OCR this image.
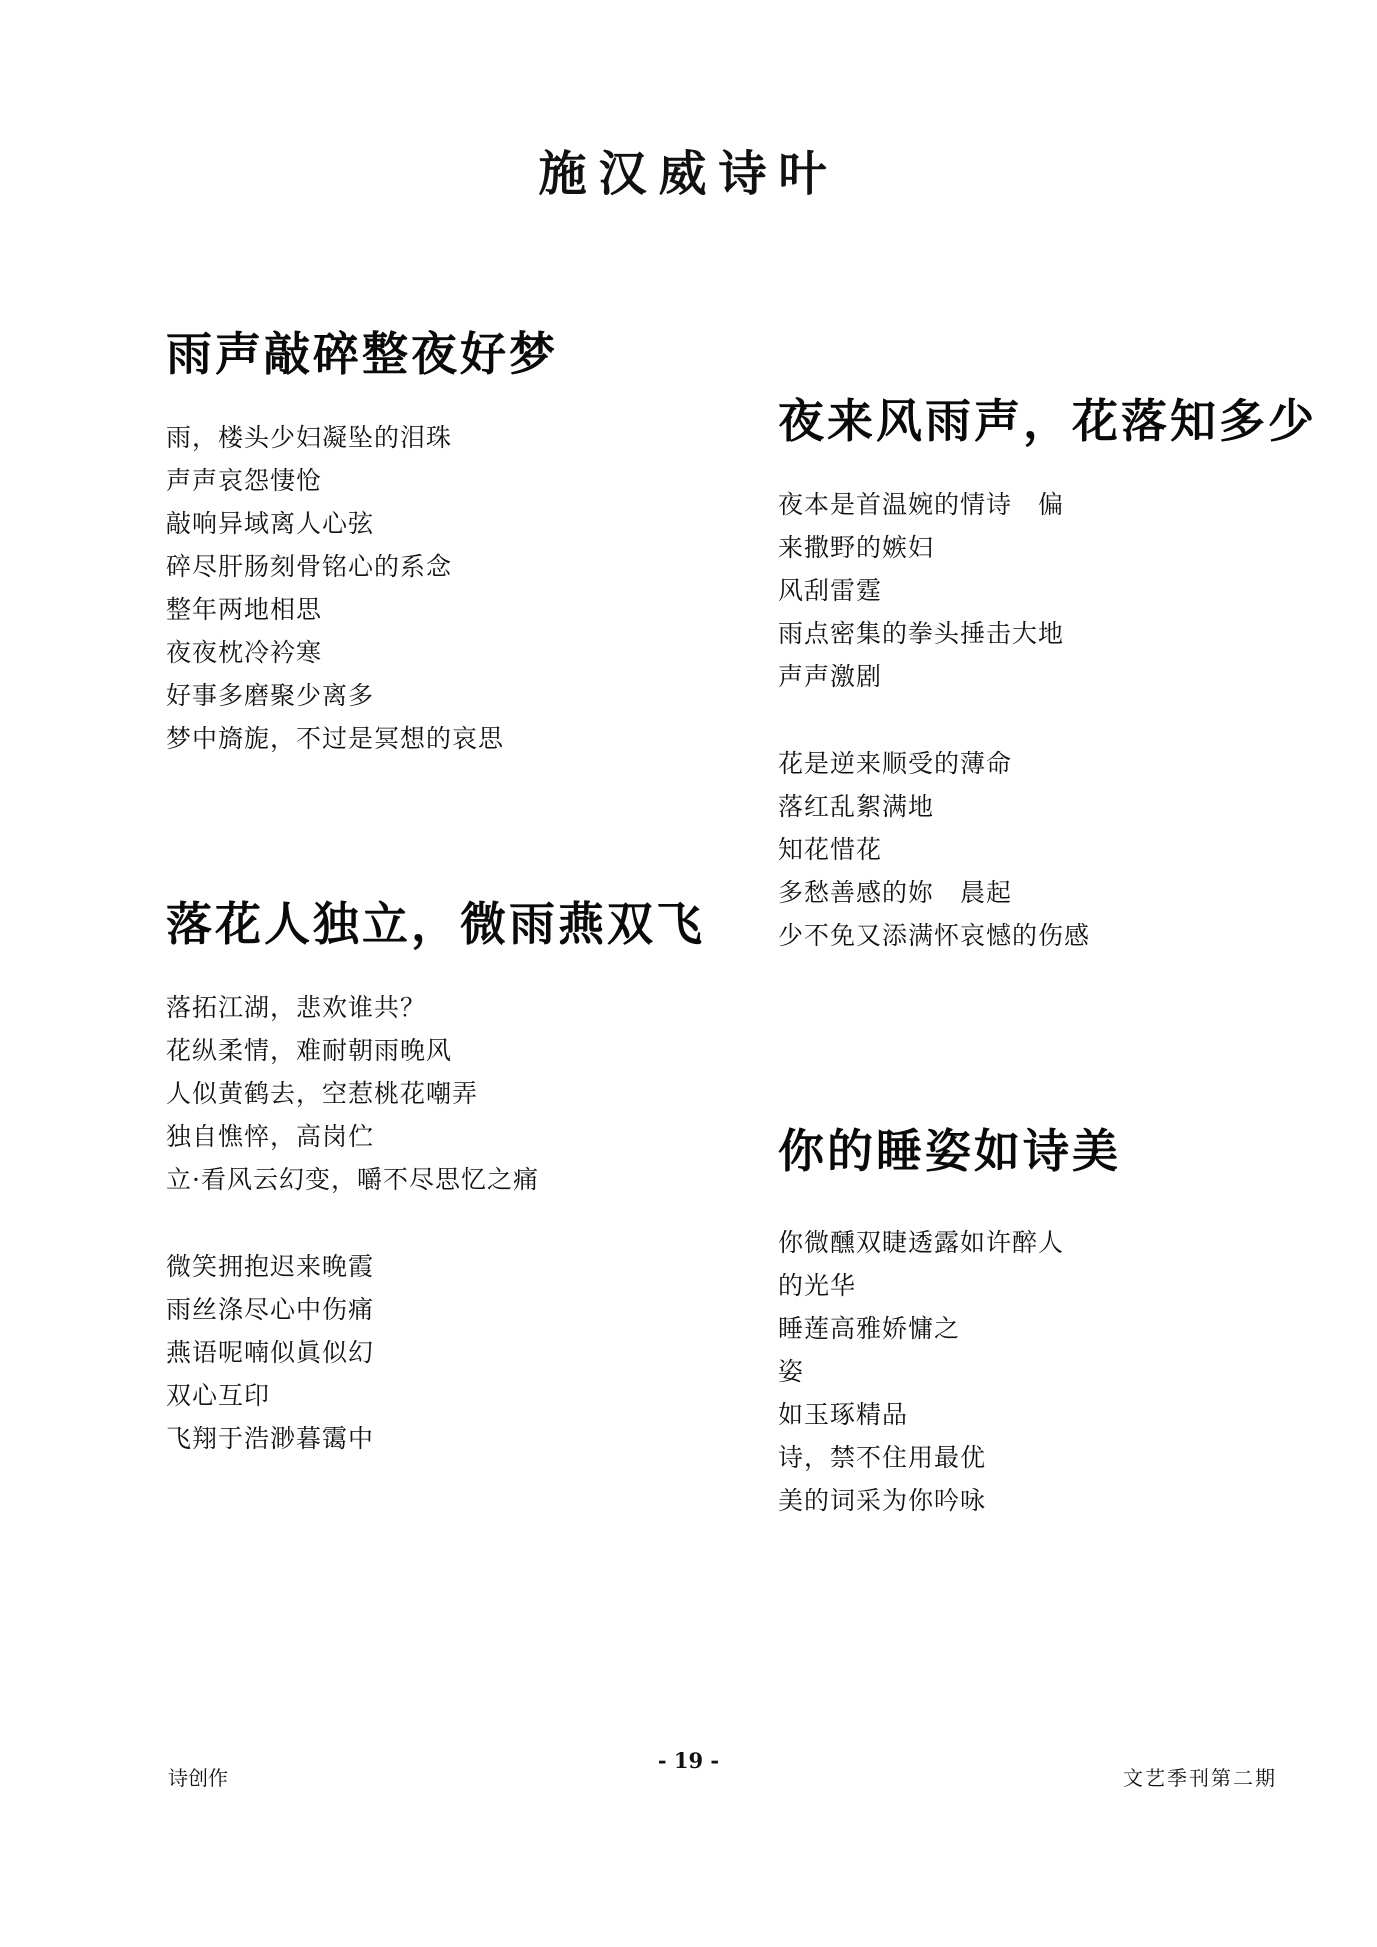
施汉威诗叶
雨声敲碎整夜好梦
雨，楼头少妇凝坠的泪珠
声声哀怨悽怆
敲响异域离人心弦
碎尽肝肠刻骨铭心的系念
整年两地相思
夜夜枕冷衿寒
好事多磨聚少离多
梦中旖旎，不过是冥想的哀思
落花人独立，微雨燕双飞
落拓江湖，悲欢谁共？
花纵柔情，难耐朝雨晚风
人似黄鹤去，空惹桃花嘲弄
独自憔悴，高岗伫
立·看风云幻变，嚼不尽思忆之痛
微笑拥抱迟来晚霞
雨丝涤尽心中伤痛
燕语呢喃似眞似幻
双心互印
飞翔于浩渺暮霭中
夜来风雨声，花落知多少
夜本是首温婉的情诗　偏
来撒野的嫉妇
风刮雷霆
雨点密集的拳头捶击大地
声声激剧
花是逆来顺受的薄命
落红乱絮满地
知花惜花
多愁善感的妳　晨起
少不免又添满怀哀憾的伤感
你的睡姿如诗美
你微醺双睫透露如许醉人
的光华
睡莲高雅娇慵之
姿
如玉琢精品
诗，禁不住用最优
美的词采为你吟咏
诗创作
- 19 -
文艺季刊第二期
